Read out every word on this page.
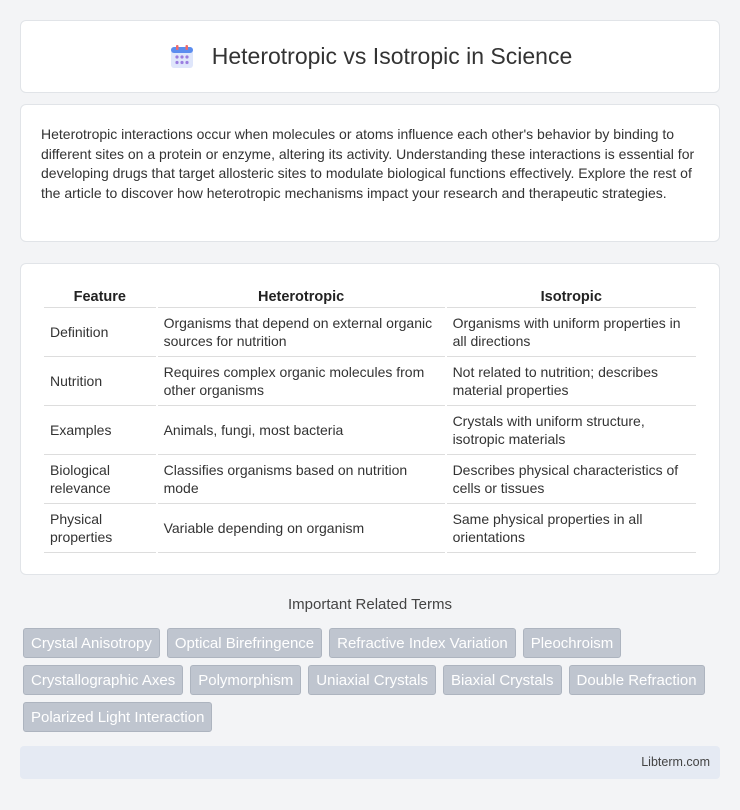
Heterotropic vs Isotropic in Science

Heterotropic interactions occur when molecules or atoms influence each other's behavior by binding to different sites on a protein or enzyme, altering its activity. Understanding these interactions is essential for developing drugs that target allosteric sites to modulate biological functions effectively. Explore the rest of the article to discover how heterotropic mechanisms impact your research and therapeutic strategies.

Feature	Heterotropic	Isotropic
Definition	Organisms that depend on external organic sources for nutrition	Organisms with uniform properties in all directions
Nutrition	Requires complex organic molecules from other organisms	Not related to nutrition; describes material properties
Examples	Animals, fungi, most bacteria	Crystals with uniform structure, isotropic materials
Biological relevance	Classifies organisms based on nutrition mode	Describes physical characteristics of cells or tissues
Physical properties	Variable depending on organism	Same physical properties in all orientations
Important Related Terms
Crystal Anisotropy	Optical Birefringence	Refractive Index Variation	Pleochroism
Crystallographic Axes	Polymorphism	Uniaxial Crystals	Biaxial Crystals	Double Refraction
Polarized Light Interaction
Libterm.com
